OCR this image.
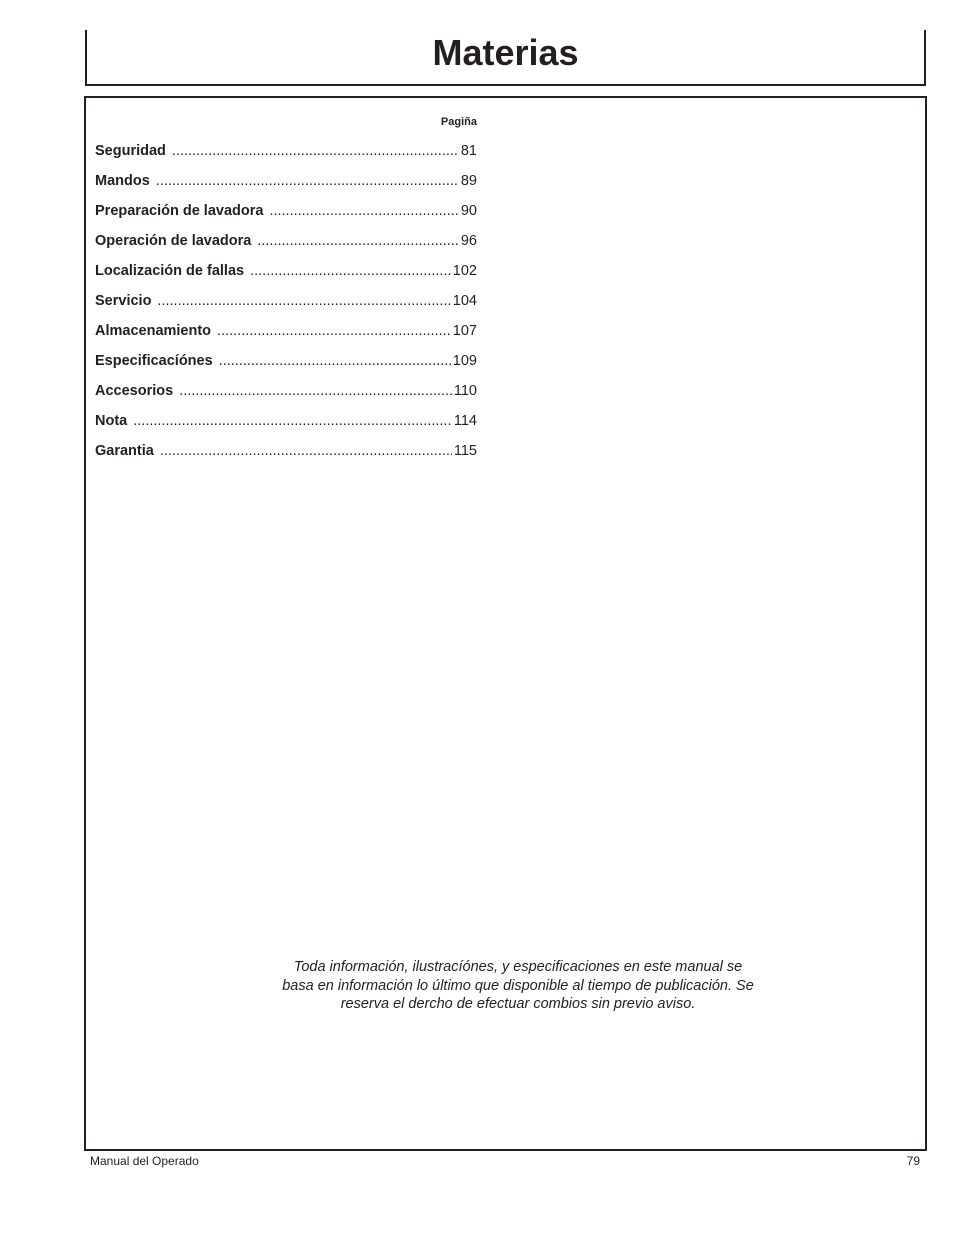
Materias
Pagiña
Seguridad .....	81
Mandos .....	89
Preparación de lavadora .....	90
Operación de lavadora .....	96
Localización de fallas .....	102
Servicio .....	104
Almacenamiento .....	107
Especificacíónes .....	109
Accesorios .....	110
Nota .....	114
Garantia .....	115

Toda información, ilustracíónes, y especificaciones en este manual se

basa en información lo último que disponible al tiempo de publicación. Se

reserva el dercho de efectuar combios sin previo aviso.

Manual del Operado	79
